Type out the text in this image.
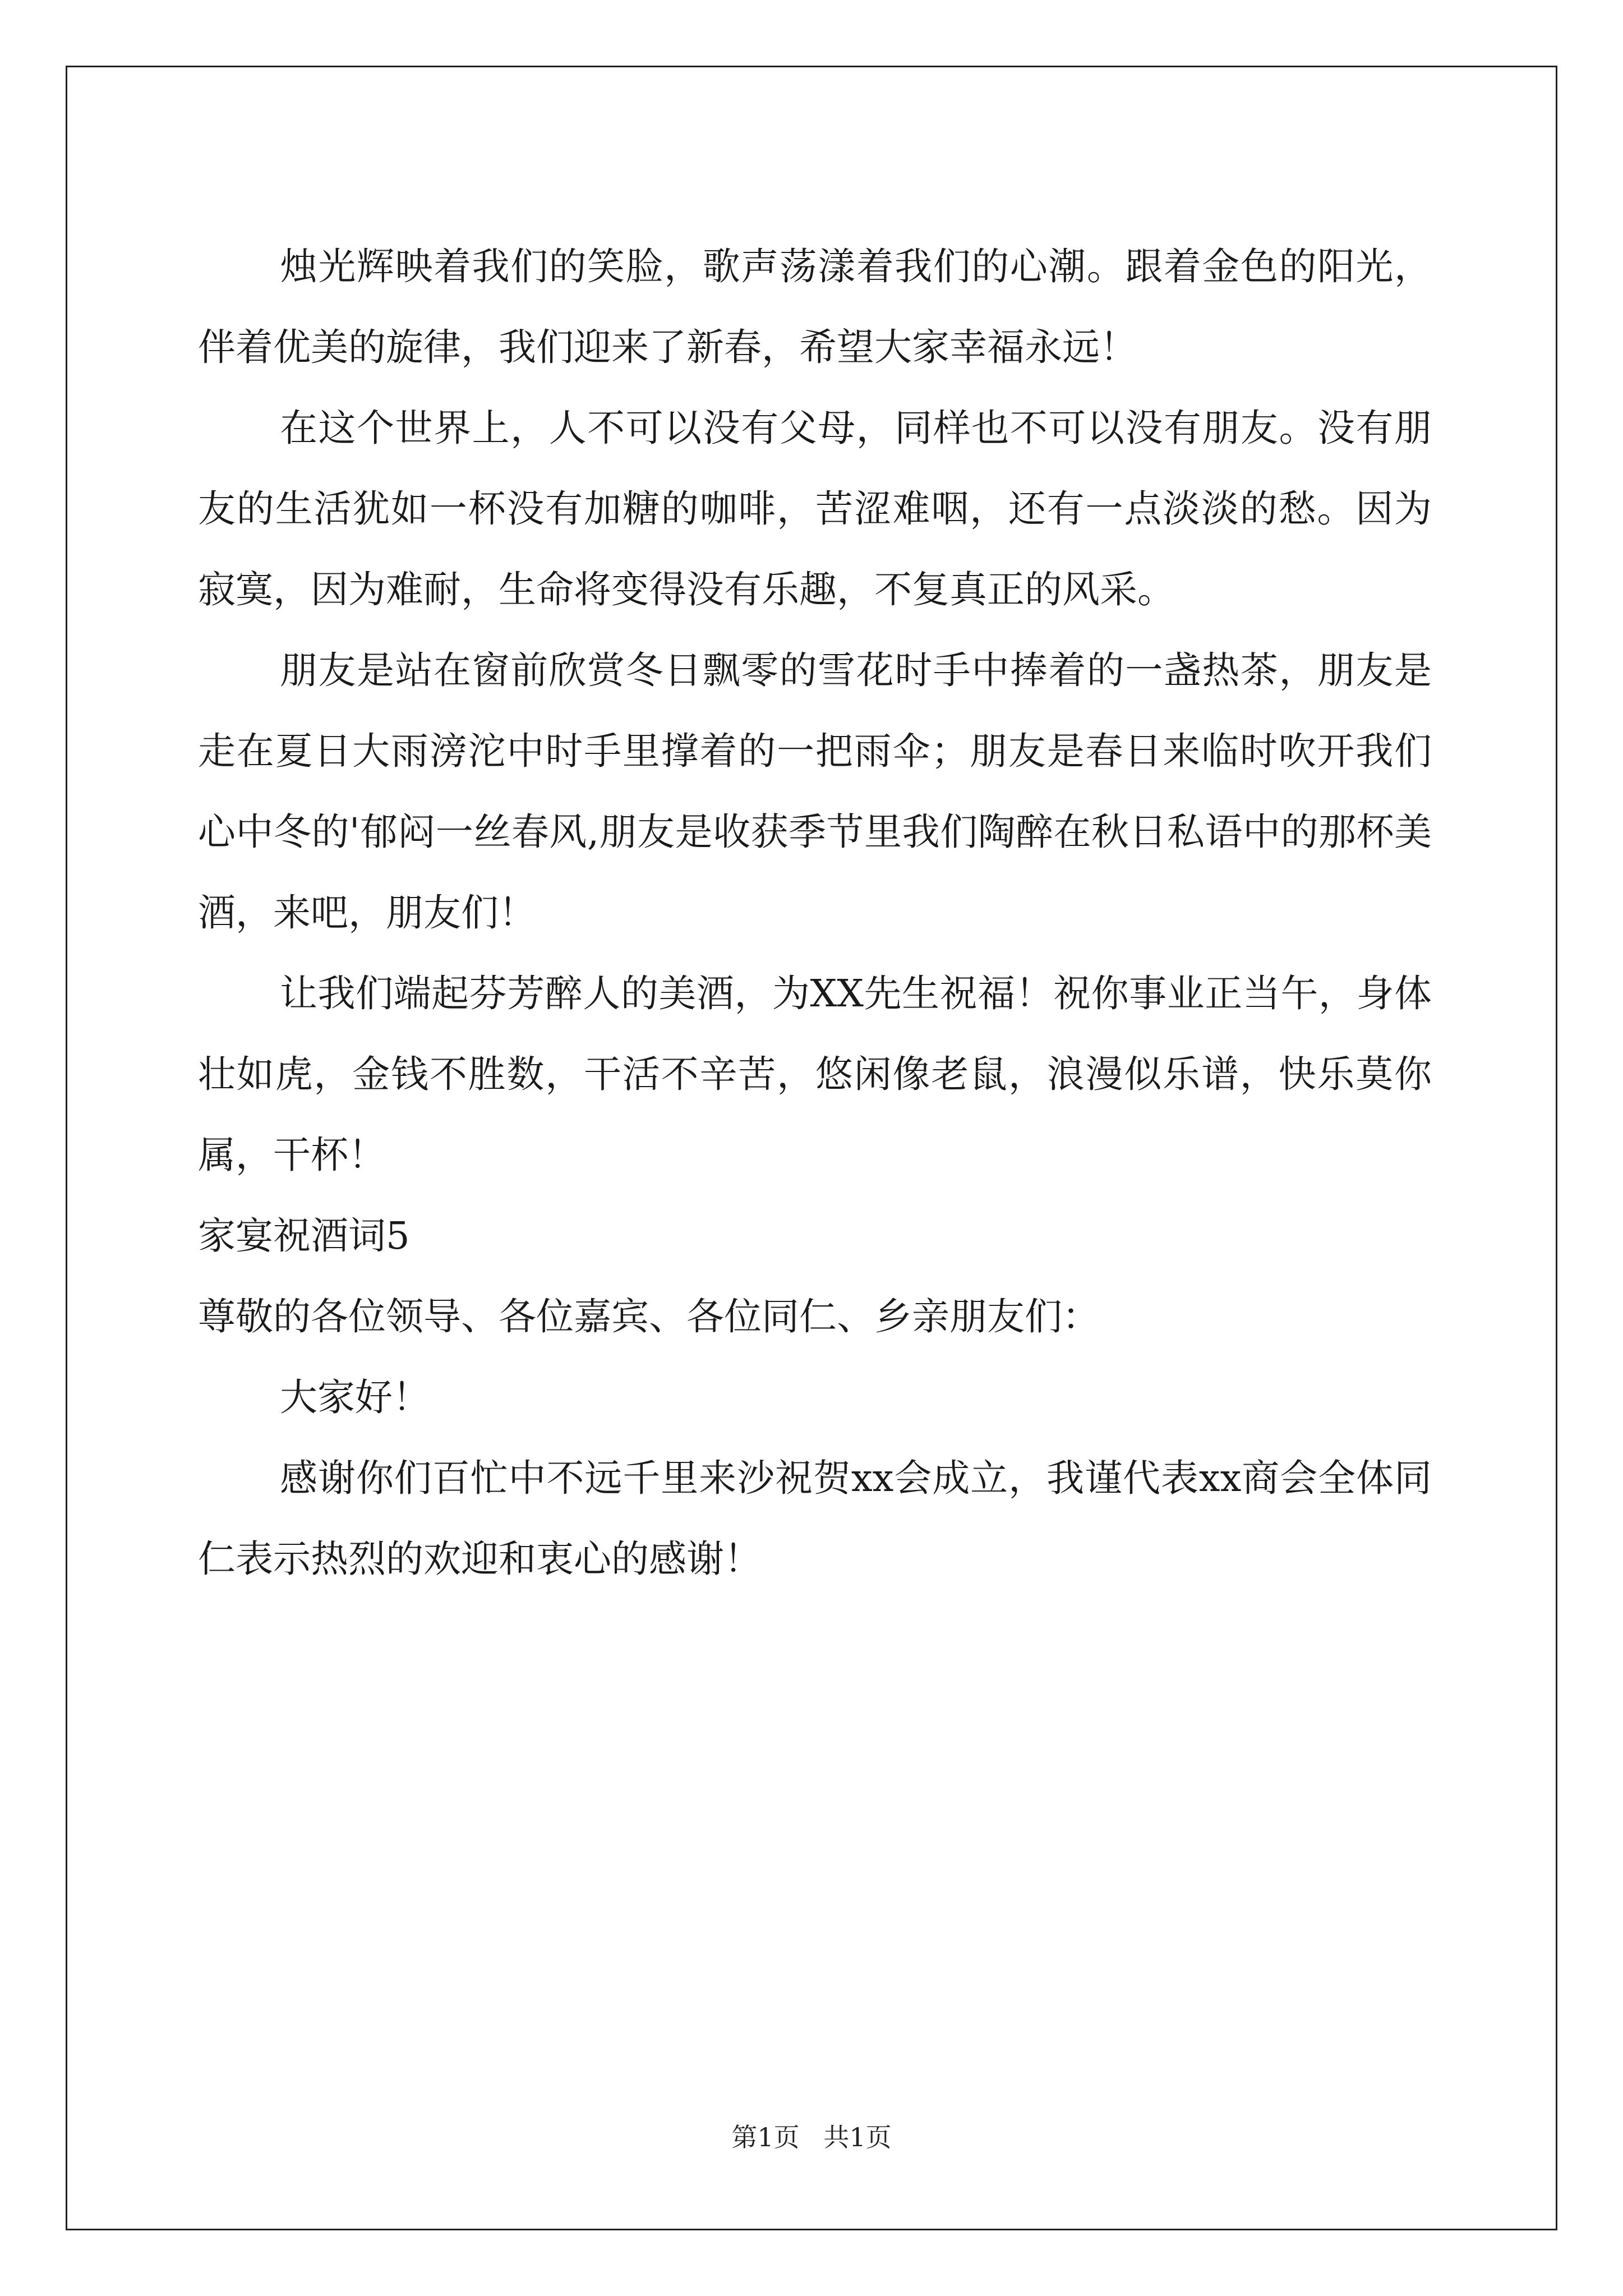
烛光辉映着我们的笑脸，歌声荡漾着我们的心潮。跟着金色的阳光，伴着优美的旋律，我们迎来了新春，希望大家幸福永远！

在这个世界上，人不可以没有父母，同样也不可以没有朋友。没有朋友的生活犹如一杯没有加糖的咖啡，苦涩难咽，还有一点淡淡的愁。因为寂寞，因为难耐，生命将变得没有乐趣，不复真正的风采。

朋友是站在窗前欣赏冬日飘零的雪花时手中捧着的一盏热茶，朋友是走在夏日大雨滂沱中时手里撑着的一把雨伞；朋友是春日来临时吹开我们心中冬的'郁闷一丝春风,朋友是收获季节里我们陶醉在秋日私语中的那杯美酒，来吧，朋友们！

让我们端起芬芳醉人的美酒，为XX先生祝福！祝你事业正当午，身体壮如虎，金钱不胜数，干活不辛苦，悠闲像老鼠，浪漫似乐谱，快乐莫你属，干杯！

家宴祝酒词5

尊敬的各位领导、各位嘉宾、各位同仁、乡亲朋友们：

大家好！

感谢你们百忙中不远千里来沙祝贺xx会成立，我谨代表xx商会全体同仁表示热烈的欢迎和衷心的感谢！

第1页 共1页
